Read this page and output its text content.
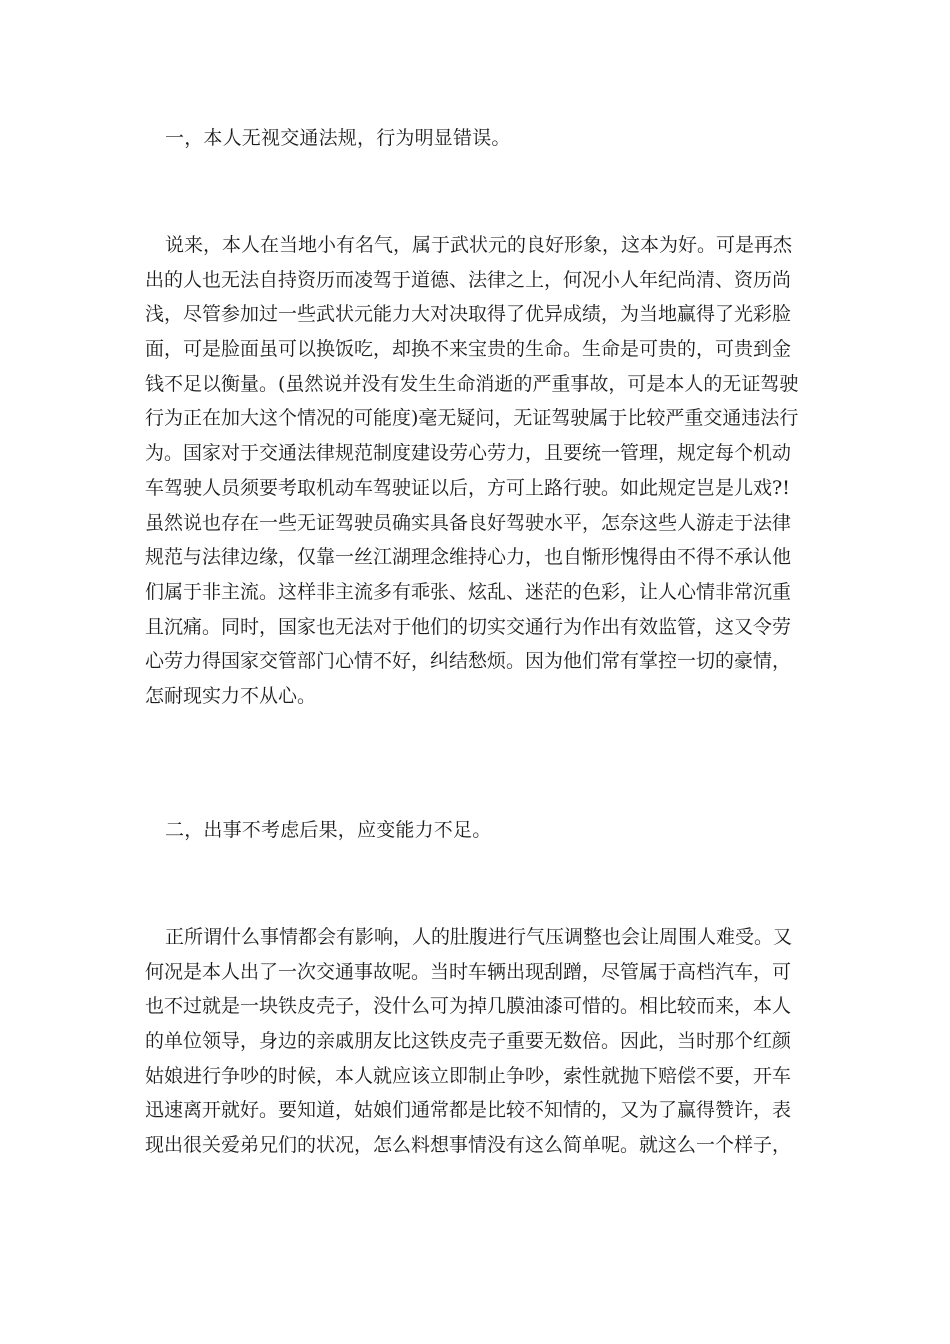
一，本人无视交通法规，行为明显错误。
说来，本人在当地小有名气，属于武状元的良好形象，这本为好。可是再杰
出的人也无法自持资历而凌驾于道德、法律之上，何况小人年纪尚清、资历尚
浅，尽管参加过一些武状元能力大对决取得了优异成绩，为当地赢得了光彩脸
面，可是脸面虽可以换饭吃，却换不来宝贵的生命。生命是可贵的，可贵到金
钱不足以衡量。(虽然说并没有发生生命消逝的严重事故，可是本人的无证驾驶
行为正在加大这个情况的可能度)毫无疑问，无证驾驶属于比较严重交通违法行
为。国家对于交通法律规范制度建设劳心劳力，且要统一管理，规定每个机动
车驾驶人员须要考取机动车驾驶证以后，方可上路行驶。如此规定岂是儿戏?!
虽然说也存在一些无证驾驶员确实具备良好驾驶水平，怎奈这些人游走于法律
规范与法律边缘，仅靠一丝江湖理念维持心力，也自惭形愧得由不得不承认他
们属于非主流。这样非主流多有乖张、炫乱、迷茫的色彩，让人心情非常沉重
且沉痛。同时，国家也无法对于他们的切实交通行为作出有效监管，这又令劳
心劳力得国家交管部门心情不好，纠结愁烦。因为他们常有掌控一切的豪情，
怎耐现实力不从心。
二，出事不考虑后果，应变能力不足。
正所谓什么事情都会有影响，人的肚腹进行气压调整也会让周围人难受。又
何况是本人出了一次交通事故呢。当时车辆出现刮蹭，尽管属于高档汽车，可
也不过就是一块铁皮壳子，没什么可为掉几膜油漆可惜的。相比较而来，本人
的单位领导，身边的亲戚朋友比这铁皮壳子重要无数倍。因此，当时那个红颜
姑娘进行争吵的时候，本人就应该立即制止争吵，索性就抛下赔偿不要，开车
迅速离开就好。要知道，姑娘们通常都是比较不知情的，又为了赢得赞许，表
现出很关爱弟兄们的状况，怎么料想事情没有这么简单呢。就这么一个样子，
